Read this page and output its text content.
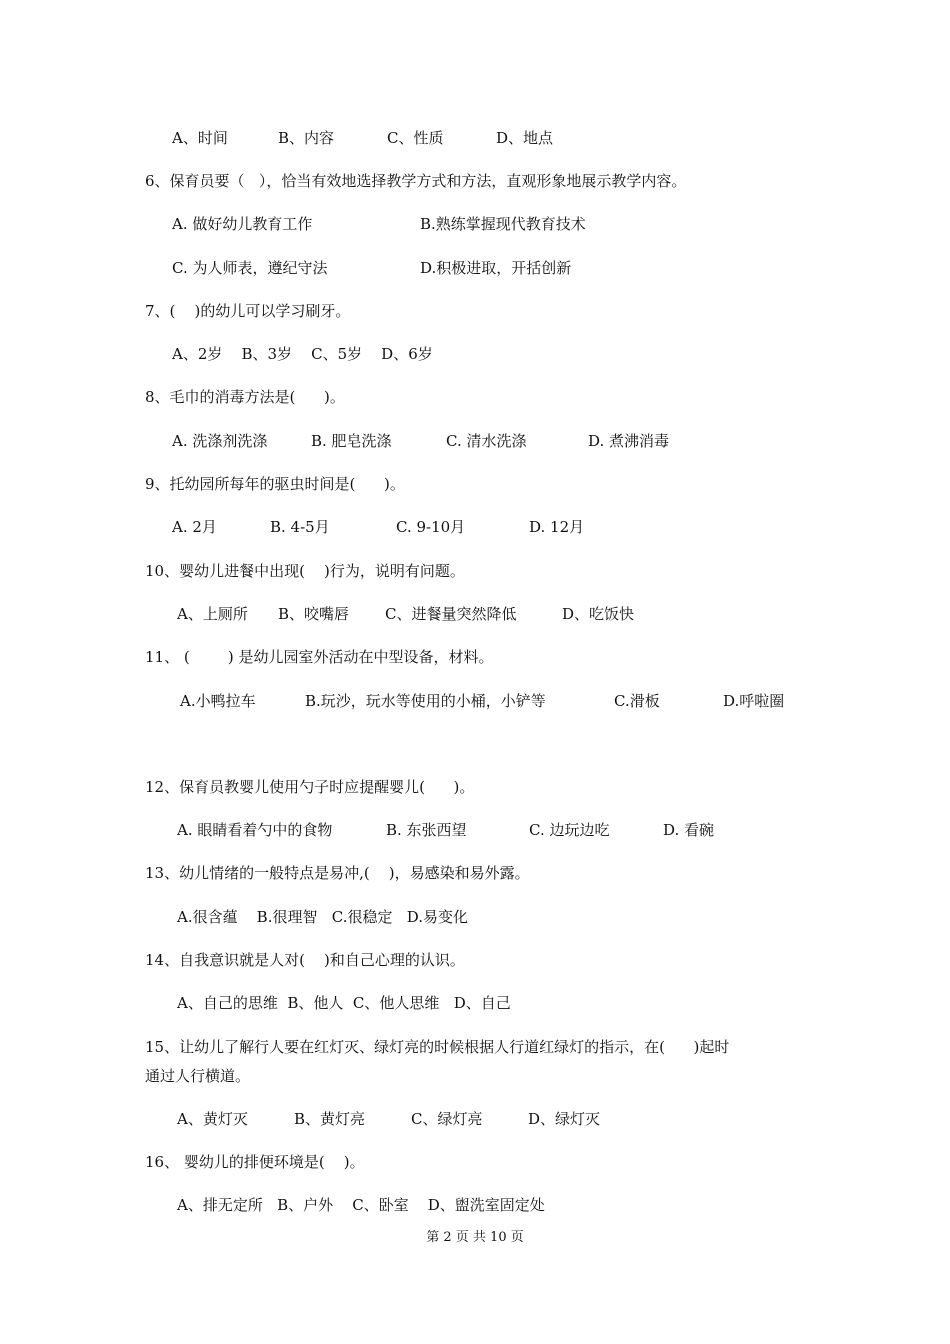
A、时间	B、内容	C、性质	D、地点
6、保育员要（   ），恰当有效地选择教学方式和方法，直观形象地展示教学内容。
A. 做好幼儿教育工作	B.熟练掌握现代教育技术
C. 为人师表，遵纪守法	D.积极进取，开括创新
7、(    )的幼儿可以学习刷牙。
A、2岁    B、3岁    C、5岁    D、6岁
8、毛巾的消毒方法是(      )。
A. 洗涤剂洗涤	B. 肥皂洗涤	C. 清水洗涤	D. 煮沸消毒
9、托幼园所每年的驱虫时间是(      )。
A. 2月	B. 4-5月	C. 9-10月	D. 12月
10、婴幼儿进餐中出现(    )行为，说明有问题。
A、上厕所 B、咬嘴唇 C、进餐量突然降低	D、吃饭快
11、 (        ) 是幼儿园室外活动在中型设备，材料。
A.小鸭拉车	B.玩沙，玩水等使用的小桶，小铲等	C.滑板	D.呼啦圈
12、保育员教婴儿使用勺子时应提醒婴儿(      )。
A. 眼睛看着勺中的食物	B. 东张西望	C. 边玩边吃	D. 看碗
13、幼儿情绪的一般特点是易冲,(    )，易感染和易外露。
A.很含蕴    B.很理智   C.很稳定   D.易变化
14、自我意识就是人对(    )和自己心理的认识。
A、自己的思维  B、他人  C、他人思维   D、自己
15、让幼儿了解行人要在红灯灭、绿灯亮的时候根据人行道红绿灯的指示，在(      )起时
通过人行横道。
A、黄灯灭	B、黄灯亮	C、绿灯亮	D、绿灯灭
16、 婴幼儿的排便环境是(    )。
A、排无定所   B、户外    C、卧室    D、盥洗室固定处
第 2 页 共 10 页
